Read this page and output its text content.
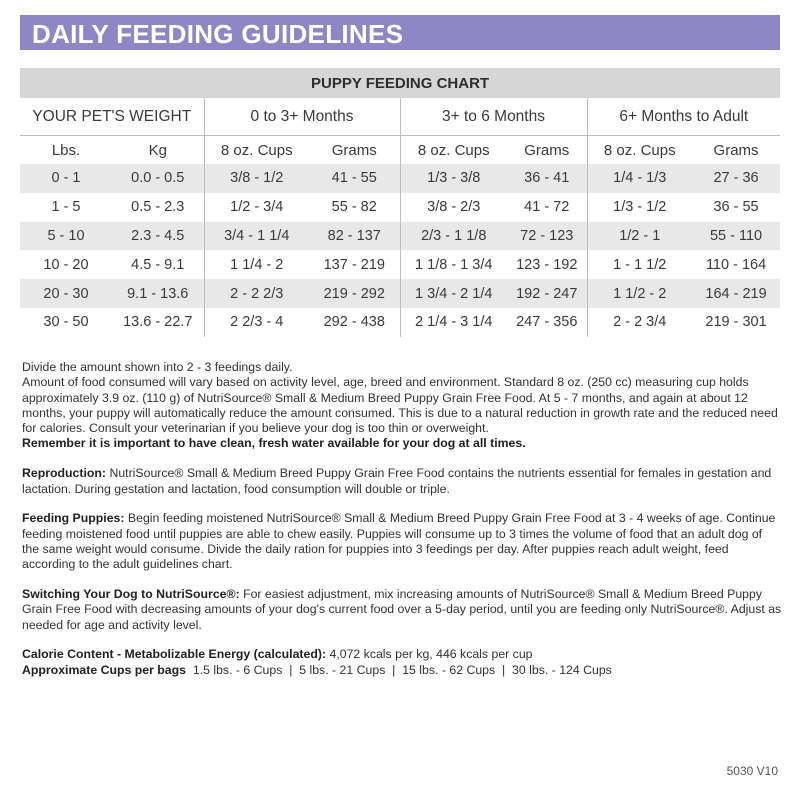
DAILY FEEDING GUIDELINES
PUPPY FEEDING CHART							
YOUR PET'S WEIGHT		0 to 3+ Months		3+ to 6 Months		6+ Months to Adult	
Lbs.	Kg	8 oz. Cups	Grams	8 oz. Cups	Grams	8 oz. Cups	Grams
0 - 1	0.0 - 0.5	3/8 - 1/2	41 - 55	1/3 - 3/8	36 - 41	1/4 - 1/3	27 - 36
1 - 5	0.5 - 2.3	1/2 - 3/4	55 - 82	3/8 - 2/3	41 - 72	1/3 - 1/2	36 - 55
5 - 10	2.3 - 4.5	3/4 - 1 1/4	82 - 137	2/3 - 1 1/8	72 - 123	1/2 - 1	55 - 110
10 - 20	4.5 - 9.1	1 1/4 - 2	137 - 219	1 1/8 - 1 3/4	123 - 192	1 - 1 1/2	110 - 164
20 - 30	9.1 - 13.6	2 - 2 2/3	219 - 292	1 3/4 - 2 1/4	192 - 247	1 1/2 - 2	164 - 219
30 - 50	13.6 - 22.7	2 2/3 - 4	292 - 438	2 1/4 - 3 1/4	247 - 356	2 - 2 3/4	219 - 301

Divide the amount shown into 2 - 3 feedings daily.

Amount of food consumed will vary based on activity level, age, breed and environment. Standard 8 oz. (250 cc) measuring cup holds approximately 3.9 oz. (110 g) of NutriSource® Small & Medium Breed Puppy Grain Free Food. At 5 - 7 months, and again at about 12 months, your puppy will automatically reduce the amount consumed. This is due to a natural reduction in growth rate and the reduced need for calories. Consult your veterinarian if you believe your dog is too thin or overweight.

Remember it is important to have clean, fresh water available for your dog at all times.

Reproduction: NutriSource® Small & Medium Breed Puppy Grain Free Food contains the nutrients essential for females in gestation and lactation. During gestation and lactation, food consumption will double or triple.

Feeding Puppies: Begin feeding moistened NutriSource® Small & Medium Breed Puppy Grain Free Food at 3 - 4 weeks of age. Continue feeding moistened food until puppies are able to chew easily. Puppies will consume up to 3 times the volume of food that an adult dog of the same weight would consume. Divide the daily ration for puppies into 3 feedings per day. After puppies reach adult weight, feed according to the adult guidelines chart.

Switching Your Dog to NutriSource®: For easiest adjustment, mix increasing amounts of NutriSource® Small & Medium Breed Puppy Grain Free Food with decreasing amounts of your dog's current food over a 5-day period, until you are feeding only NutriSource®. Adjust as needed for age and activity level.

Calorie Content - Metabolizable Energy (calculated): 4,072 kcals per kg, 446 kcals per cup

Approximate Cups per bags  1.5 lbs. - 6 Cups  |  5 lbs. - 21 Cups  |  15 lbs. - 62 Cups  |  30 lbs. - 124 Cups

5030 V10
